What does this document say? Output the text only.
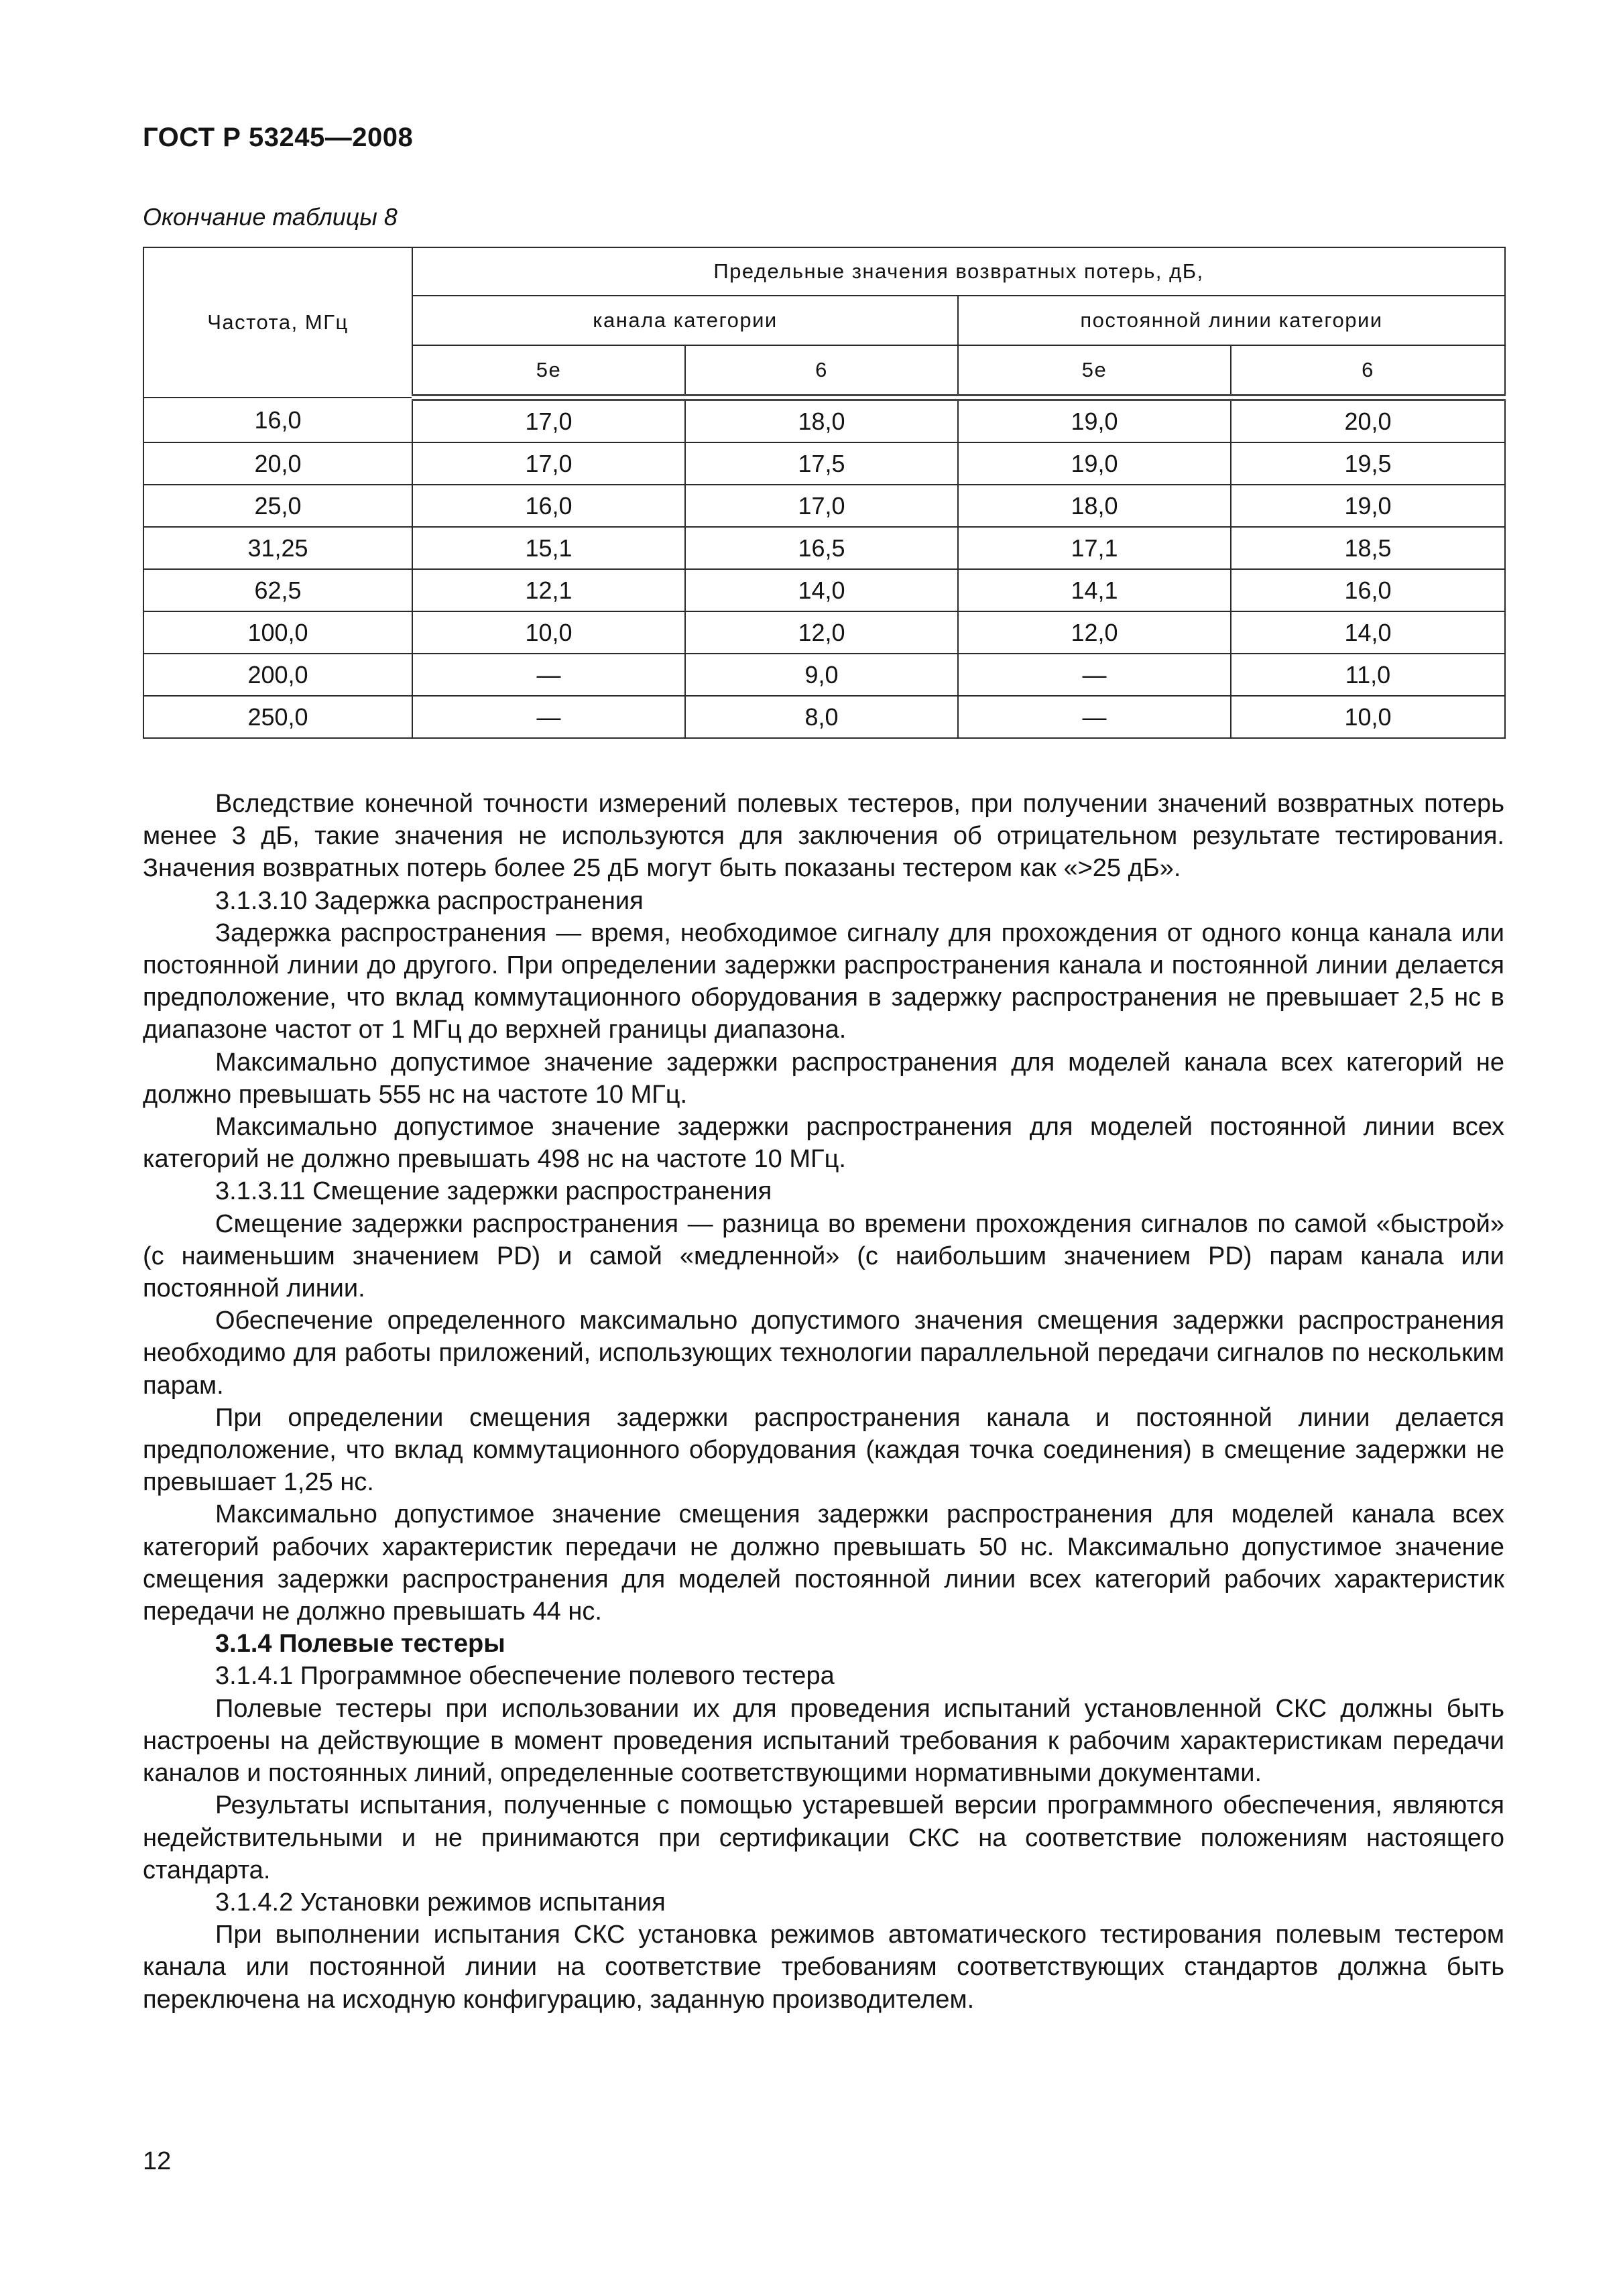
ГОСТ Р 53245—2008
Окончание таблицы 8
Частота, МГц	Предельные значения возвратных потерь, дБ,			
	канала категории		постоянной линии категории	
	5e	6	5e	6
16,0	17,0	18,0	19,0	20,0
20,0	17,0	17,5	19,0	19,5
25,0	16,0	17,0	18,0	19,0
31,25	15,1	16,5	17,1	18,5
62,5	12,1	14,0	14,1	16,0
100,0	10,0	12,0	12,0	14,0
200,0	—	9,0	—	11,0
250,0	—	8,0	—	10,0

Вследствие конечной точности измерений полевых тестеров, при получении значений возвратных потерь менее 3 дБ, такие значения не используются для заключения об отрицательном результате тестирования. Значения возвратных потерь более 25 дБ могут быть показаны тестером как «>25 дБ».

3.1.3.10 Задержка распространения

Задержка распространения — время, необходимое сигналу для прохождения от одного конца канала или постоянной линии до другого. При определении задержки распространения канала и постоянной линии делается предположение, что вклад коммутационного оборудования в задержку распространения не превышает 2,5 нс в диапазоне частот от 1 МГц до верхней границы диапазона.

Максимально допустимое значение задержки распространения для моделей канала всех категорий не должно превышать 555 нс на частоте 10 МГц.

Максимально допустимое значение задержки распространения для моделей постоянной линии всех категорий не должно превышать 498 нс на частоте 10 МГц.

3.1.3.11 Смещение задержки распространения

Смещение задержки распространения — разница во времени прохождения сигналов по самой «быстрой» (с наименьшим значением PD) и самой «медленной» (с наибольшим значением PD) парам канала или постоянной линии.

Обеспечение определенного максимально допустимого значения смещения задержки распространения необходимо для работы приложений, использующих технологии параллельной передачи сигналов по нескольким парам.

При определении смещения задержки распространения канала и постоянной линии делается предположение, что вклад коммутационного оборудования (каждая точка соединения) в смещение задержки не превышает 1,25 нс.

Максимально допустимое значение смещения задержки распространения для моделей канала всех категорий рабочих характеристик передачи не должно превышать 50 нс. Максимально допустимое значение смещения задержки распространения для моделей постоянной линии всех категорий рабочих характеристик передачи не должно превышать 44 нс.

3.1.4 Полевые тестеры

3.1.4.1 Программное обеспечение полевого тестера

Полевые тестеры при использовании их для проведения испытаний установленной СКС должны быть настроены на действующие в момент проведения испытаний требования к рабочим характеристикам передачи каналов и постоянных линий, определенные соответствующими нормативными документами.

Результаты испытания, полученные с помощью устаревшей версии программного обеспечения, являются недействительными и не принимаются при сертификации СКС на соответствие положениям настоящего стандарта.

3.1.4.2 Установки режимов испытания

При выполнении испытания СКС установка режимов автоматического тестирования полевым тестером канала или постоянной линии на соответствие требованиям соответствующих стандартов должна быть переключена на исходную конфигурацию, заданную производителем.

12
